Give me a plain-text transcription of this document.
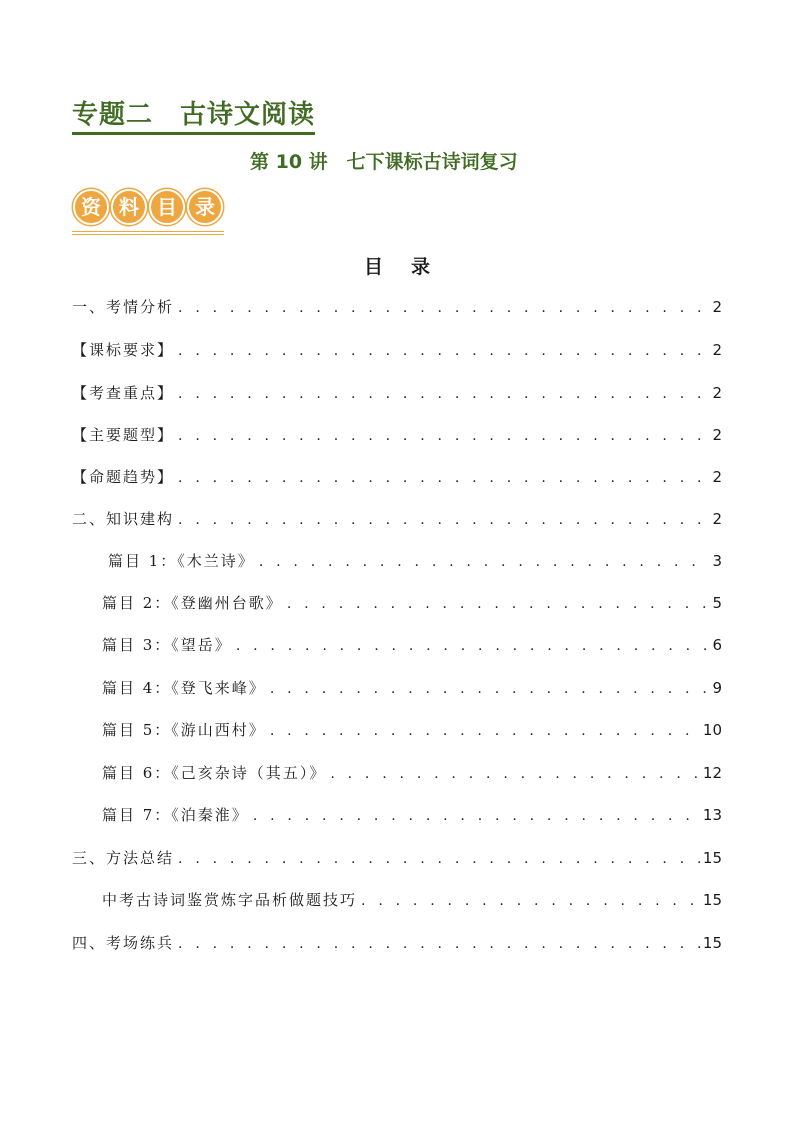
专题二　古诗文阅读
第 10 讲　七下课标古诗词复习
资 料 目 录
目录
一、考情分析 . . .	2
【课标要求】 . . .	2
【考查重点】 . . .	2
【主要题型】 . . .	2
【命题趋势】 . . .	2
二、知识建构 . . .	2
篇目 1：《木兰诗》 . . .	3
篇目 2：《登幽州台歌》 . . .	5
篇目 3：《望岳》 . . .	6
篇目 4：《登飞来峰》 . . .	9
篇目 5：《游山西村》 . . .	10
篇目 6：《己亥杂诗（其五）》 . . .	12
篇目 7：《泊秦淮》 . . .	13
三、方法总结 . . .	15
中考古诗词鉴赏炼字品析做题技巧 . . .	15
四、考场练兵 . . .	15
